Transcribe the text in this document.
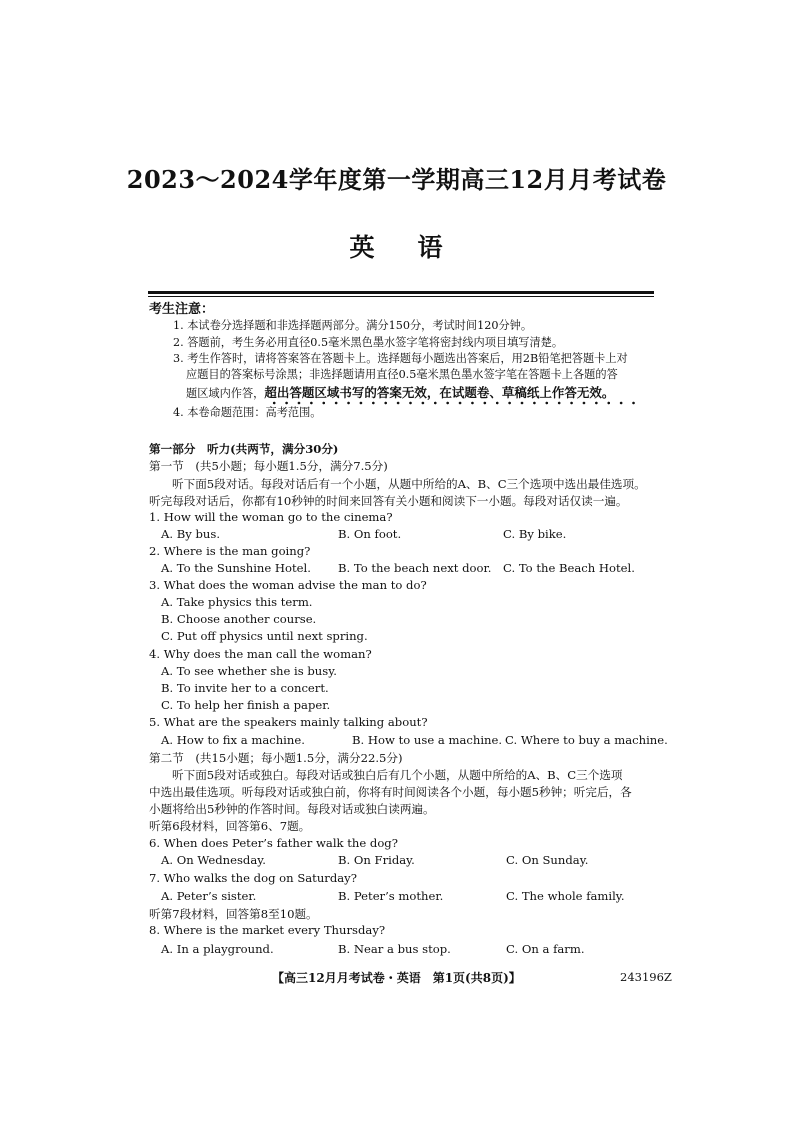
2023～2024学年度第一学期高三12月月考试卷
英 语
考生注意：
1. 本试卷分选择题和非选择题两部分。满分150分，考试时间120分钟。
2. 答题前，考生务必用直径0.5毫米黑色墨水签字笔将密封线内项目填写清楚。
3. 考生作答时，请将答案答在答题卡上。选择题每小题选出答案后，用2B铅笔把答题卡上对
应题目的答案标号涂黑；非选择题请用直径0.5毫米黑色墨水签字笔在答题卡上各题的答
题区域内作答，超出答题区域书写的答案无效，在试题卷、草稿纸上作答无效。
4. 本卷命题范围：高考范围。
第一部分　听力(共两节，满分30分)
第一节　(共5小题；每小题1.5分，满分7.5分)
听下面5段对话。每段对话后有一个小题，从题中所给的A、B、C三个选项中选出最佳选项。
听完每段对话后，你都有10秒钟的时间来回答有关小题和阅读下一小题。每段对话仅读一遍。
1. How will the woman go to the cinema?
A. By bus.	B. On foot.	C. By bike.
2. Where is the man going?
A. To the Sunshine Hotel. B. To the beach next door. C. To the Beach Hotel.
3. What does the woman advise the man to do?
A. Take physics this term.
B. Choose another course.
C. Put off physics until next spring.
4. Why does the man call the woman?
A. To see whether she is busy.
B. To invite her to a concert.
C. To help her finish a paper.
5. What are the speakers mainly talking about?
A. How to fix a machine.	B. How to use a machine. C. Where to buy a machine.
第二节　(共15小题；每小题1.5分，满分22.5分)
听下面5段对话或独白。每段对话或独白后有几个小题，从题中所给的A、B、C三个选项
中选出最佳选项。听每段对话或独白前，你将有时间阅读各个小题，每小题5秒钟；听完后，各
小题将给出5秒钟的作答时间。每段对话或独白读两遍。
听第6段材料，回答第6、7题。
6. When does Peter’s father walk the dog?
A. On Wednesday.	B. On Friday.	C. On Sunday.
7. Who walks the dog on Saturday?
A. Peter’s sister.	B. Peter’s mother.	C. The whole family.
听第7段材料，回答第8至10题。
8. Where is the market every Thursday?
A. In a playground.	B. Near a bus stop.	C. On a farm.
【高三12月月考试卷・英语　第1页(共8页)】	243196Z
